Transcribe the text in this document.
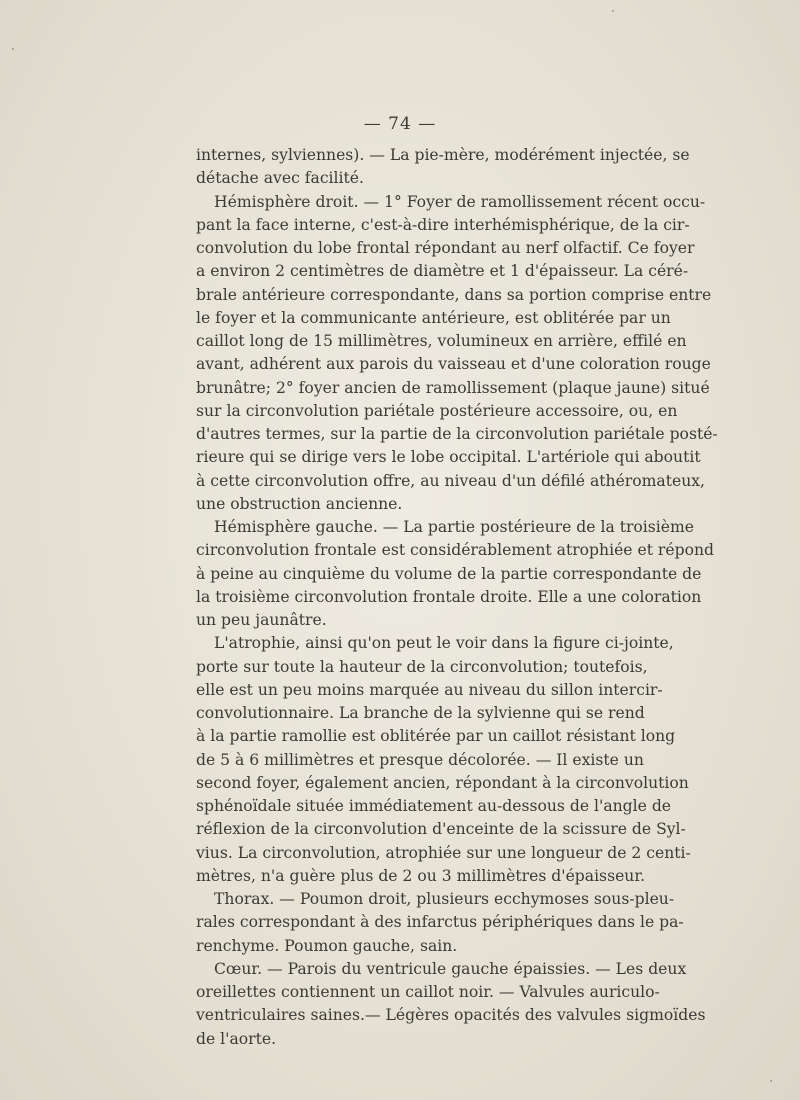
— 74 —
internes, sylviennes). — La pie-mère, modérément injectée, se
détache avec facilité.
Hémisphère droit. — 1° Foyer de ramollissement récent occu-
pant la face interne, c'est-à-dire interhémisphérique, de la cir-
convolution du lobe frontal répondant au nerf olfactif. Ce foyer
a environ 2 centimètres de diamètre et 1 d'épaisseur. La céré-
brale antérieure correspondante, dans sa portion comprise entre
le foyer et la communicante antérieure, est oblitérée par un
caillot long de 15 millimètres, volumineux en arrière, effilé en
avant, adhérent aux parois du vaisseau et d'une coloration rouge
brunâtre; 2° foyer ancien de ramollissement (plaque jaune) situé
sur la circonvolution pariétale postérieure accessoire, ou, en
d'autres termes, sur la partie de la circonvolution pariétale posté-
rieure qui se dirige vers le lobe occipital. L'artériole qui aboutit
à cette circonvolution offre, au niveau d'un défilé athéromateux,
une obstruction ancienne.
Hémisphère gauche. — La partie postérieure de la troisième
circonvolution frontale est considérablement atrophiée et répond
à peine au cinquième du volume de la partie correspondante de
la troisième circonvolution frontale droite. Elle a une coloration
un peu jaunâtre.
L'atrophie, ainsi qu'on peut le voir dans la figure ci-jointe,
porte sur toute la hauteur de la circonvolution; toutefois,
elle est un peu moins marquée au niveau du sillon intercir-
convolutionnaire. La branche de la sylvienne qui se rend
à la partie ramollie est oblitérée par un caillot résistant long
de 5 à 6 millimètres et presque décolorée. — Il existe un
second foyer, également ancien, répondant à la circonvolution
sphénoïdale située immédiatement au-dessous de l'angle de
réflexion de la circonvolution d'enceinte de la scissure de Syl-
vius. La circonvolution, atrophiée sur une longueur de 2 centi-
mètres, n'a guère plus de 2 ou 3 millimètres d'épaisseur.
Thorax. — Poumon droit, plusieurs ecchymoses sous-pleu-
rales correspondant à des infarctus périphériques dans le pa-
renchyme. Poumon gauche, sain.
Cœur. — Parois du ventricule gauche épaissies. — Les deux
oreillettes contiennent un caillot noir. — Valvules auriculo-
ventriculaires saines.— Légères opacités des valvules sigmoïdes
de l'aorte.
